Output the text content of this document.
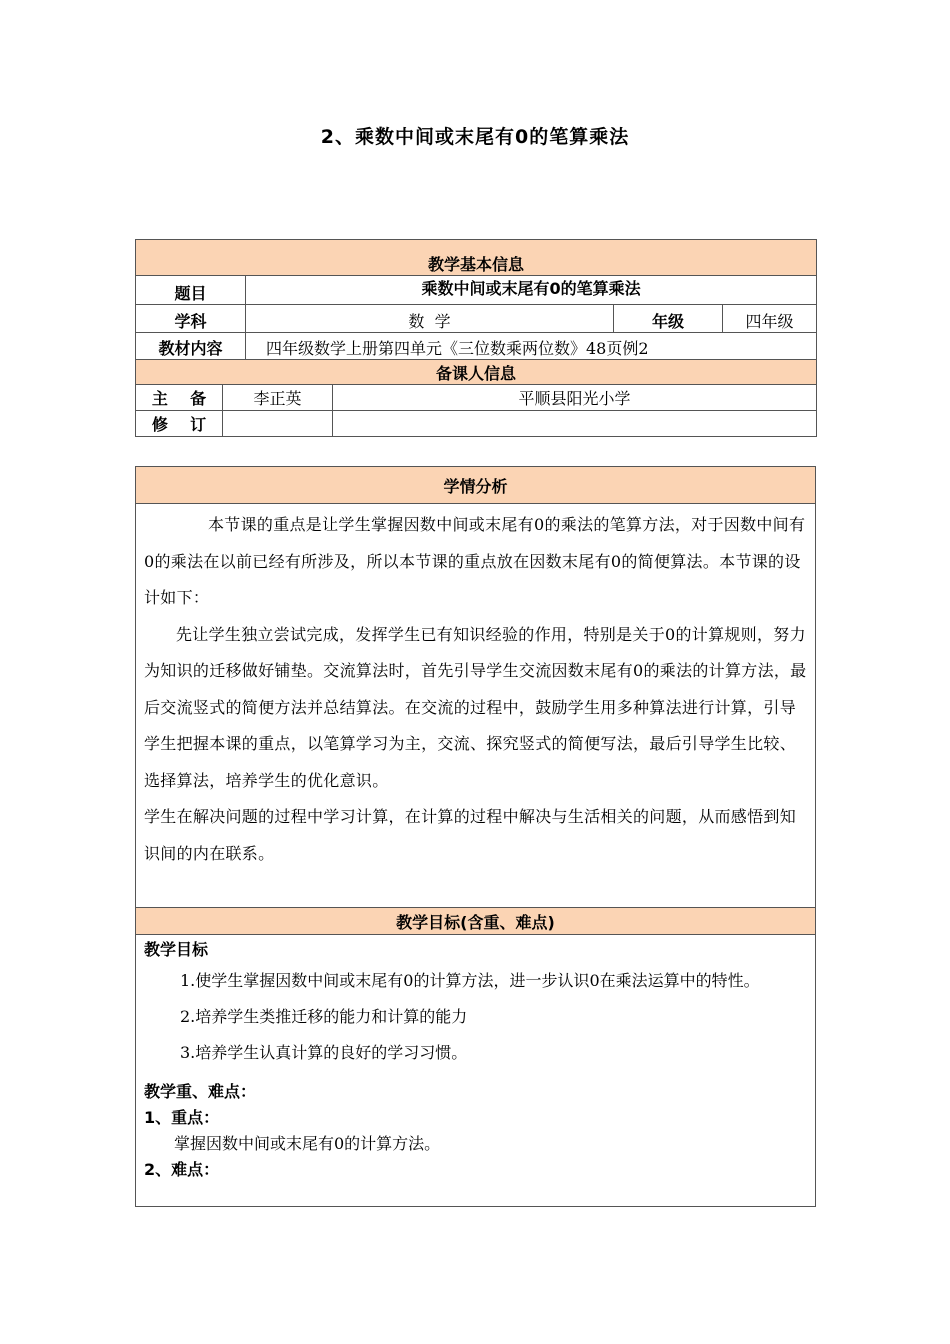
2、乘数中间或末尾有0的笔算乘法
教学基本信息					
题目		乘数中间或末尾有0的笔算乘法			
学科		数  学		年级	四年级
教材内容		四年级数学上册第四单元《三位数乘两位数》48页例2			
备课人信息					
主    备	李正英		平顺县阳光小学		
修    订					
学情分析

本节课的重点是让学生掌握因数中间或末尾有0的乘法的笔算方法，对于因数中间有0的乘法在以前已经有所涉及，所以本节课的重点放在因数末尾有0的简便算法。本节课的设计如下：

先让学生独立尝试完成，发挥学生已有知识经验的作用，特别是关于0的计算规则，努力为知识的迁移做好铺垫。交流算法时，首先引导学生交流因数末尾有0的乘法的计算方法，最后交流竖式的简便方法并总结算法。在交流的过程中，鼓励学生用多种算法进行计算，引导学生把握本课的重点，以笔算学习为主，交流、探究竖式的简便写法，最后引导学生比较、选择算法，培养学生的优化意识。

学生在解决问题的过程中学习计算，在计算的过程中解决与生活相关的问题，从而感悟到知识间的内在联系。

教学目标(含重、难点)

教学目标

1.使学生掌握因数中间或末尾有0的计算方法，进一步认识0在乘法运算中的特性。

2.培养学生类推迁移的能力和计算的能力

3.培养学生认真计算的良好的学习习惯。

教学重、难点：

1、重点：

掌握因数中间或末尾有0的计算方法。

2、难点：
